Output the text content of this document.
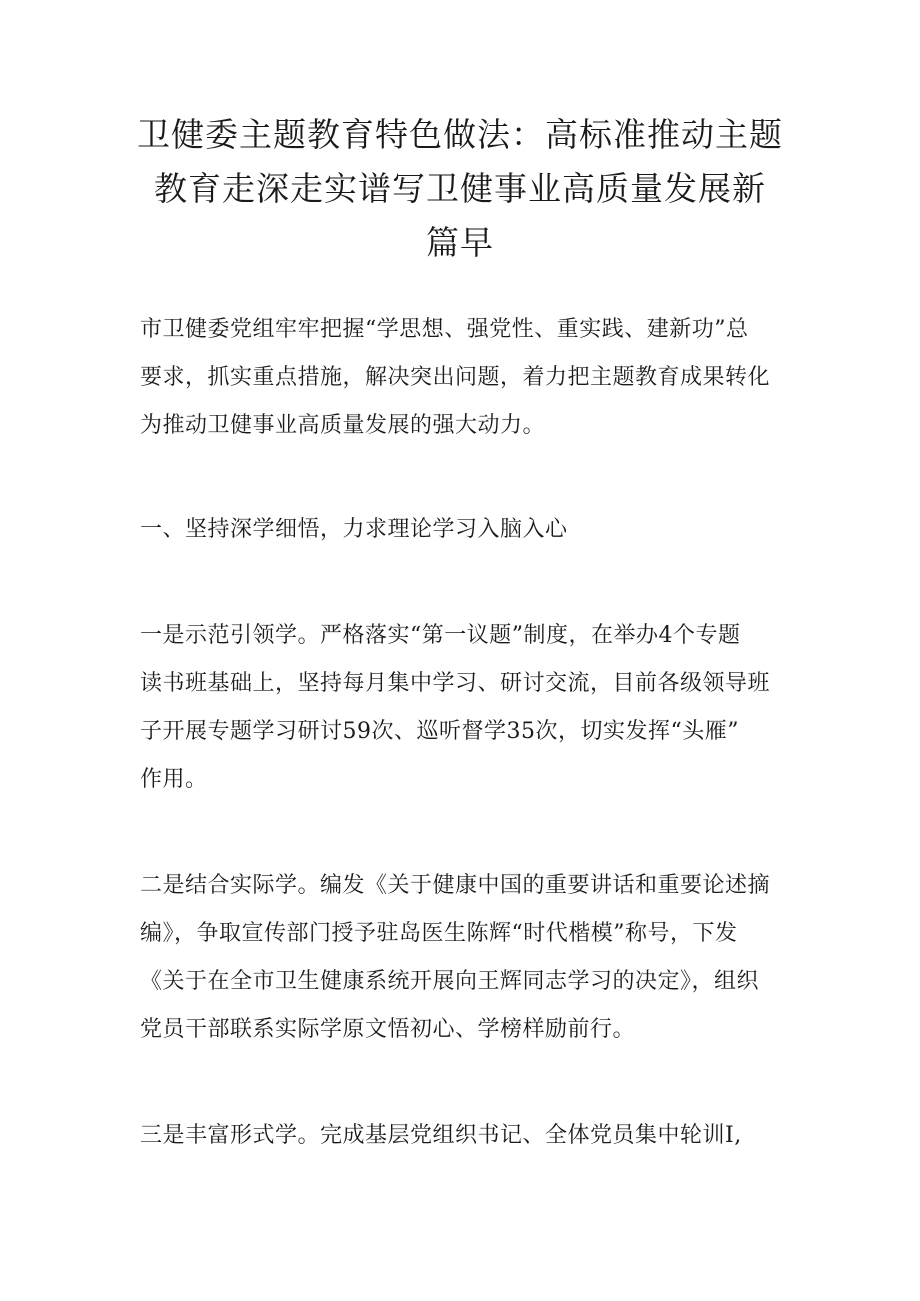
卫健委主题教育特色做法：高标准推动主题
教育走深走实谱写卫健事业高质量发展新
篇早

市卫健委党组牢牢把握“学思想、强党性、重实践、建新功”总
要求，抓实重点措施，解决突出问题，着力把主题教育成果转化
为推动卫健事业高质量发展的强大动力。

一、坚持深学细悟，力求理论学习入脑入心

一是示范引领学。严格落实“第一议题”制度，在举办4个专题
读书班基础上，坚持每月集中学习、研讨交流，目前各级领导班
子开展专题学习研讨59次、巡听督学35次，切实发挥“头雁”
作用。

二是结合实际学。编发《关于健康中国的重要讲话和重要论述摘
编》，争取宣传部门授予驻岛医生陈辉“时代楷模”称号，下发
《关于在全市卫生健康系统开展向王辉同志学习的决定》，组织
党员干部联系实际学原文悟初心、学榜样励前行。

三是丰富形式学。完成基层党组织书记、全体党员集中轮训I,
